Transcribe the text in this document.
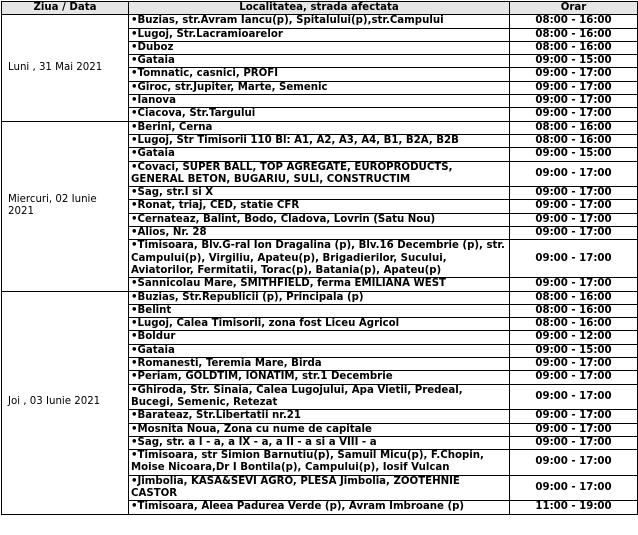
Ziua / Data	Localitatea, strada afectata	Orar
Luni , 31 Mai 2021	•Buzias, str.Avram Iancu(p), Spitalului(p),str.Campului	08:00 - 16:00
	•Lugoj, Str.Lacramioarelor	08:00 - 16:00
	•Duboz	08:00 - 16:00
	•Gataia	09:00 - 15:00
	•Tomnatic, casnici, PROFI	09:00 - 17:00
	•Giroc, str.Jupiter, Marte, Semenic	09:00 - 17:00
	•Ianova	09:00 - 17:00
	•Ciacova, Str.Targului	09:00 - 17:00
Miercuri, 02 Iunie 2021	•Berini, Cerna	08:00 - 16:00
	•Lugoj, Str Timisorii 110 Bl: A1, A2, A3, A4, B1, B2A, B2B	08:00 - 16:00
	•Gataia	09:00 - 15:00
	•Covaci, SUPER BALL, TOP AGREGATE, EUROPRODUCTS, GENERAL BETON, BUGARIU, SULI, CONSTRUCTIM	09:00 - 17:00
	•Sag, str.I si X	09:00 - 17:00
	•Ronat, triaj, CED, statie CFR	09:00 - 17:00
	•Cernateaz, Balint, Bodo, Cladova, Lovrin (Satu Nou)	09:00 - 17:00
	•Alios, Nr. 28	09:00 - 17:00
	•Timisoara, Blv.G-ral Ion Dragalina (p), Blv.16 Decembrie (p), str. Campului(p), Virgiliu, Apateu(p), Brigadierilor, Sucului, Aviatorilor, Fermitatii, Torac(p), Batania(p), Apateu(p)	09:00 - 17:00
	•Sannicolau Mare, SMITHFIELD, ferma EMILIANA WEST	09:00 - 17:00
Joi , 03 Iunie 2021	•Buzias, Str.Republicii (p), Principala (p)	08:00 - 16:00
	•Belint	08:00 - 16:00
	•Lugoj, Calea Timisorii, zona fost Liceu Agricol	08:00 - 16:00
	•Boldur	09:00 - 12:00
	•Gataia	09:00 - 15:00
	•Romanesti, Teremia Mare, Birda	09:00 - 17:00
	•Periam, GOLDTIM, IONATIM, str.1 Decembrie	09:00 - 17:00
	•Ghiroda, Str. Sinaia, Calea Lugojului, Apa Vietii, Predeal, Bucegi, Semenic, Retezat	09:00 - 17:00
	•Barateaz, Str.Libertatii nr.21	09:00 - 17:00
	•Mosnita Noua, Zona cu nume de capitale	09:00 - 17:00
	•Sag, str. a I - a, a IX - a, a II - a si a VIII - a	09:00 - 17:00
	•Timisoara, str Simion Barnutiu(p), Samuil Micu(p), F.Chopin, Moise Nicoara,Dr I Bontila(p), Campului(p), Iosif Vulcan	09:00 - 17:00
	•Jimbolia, KASA&SEVI AGRO, PLESA Jimbolia, ZOOTEHNIE CASTOR	09:00 - 17:00
	•Timisoara, Aleea Padurea Verde (p), Avram Imbroane (p)	11:00 - 19:00
